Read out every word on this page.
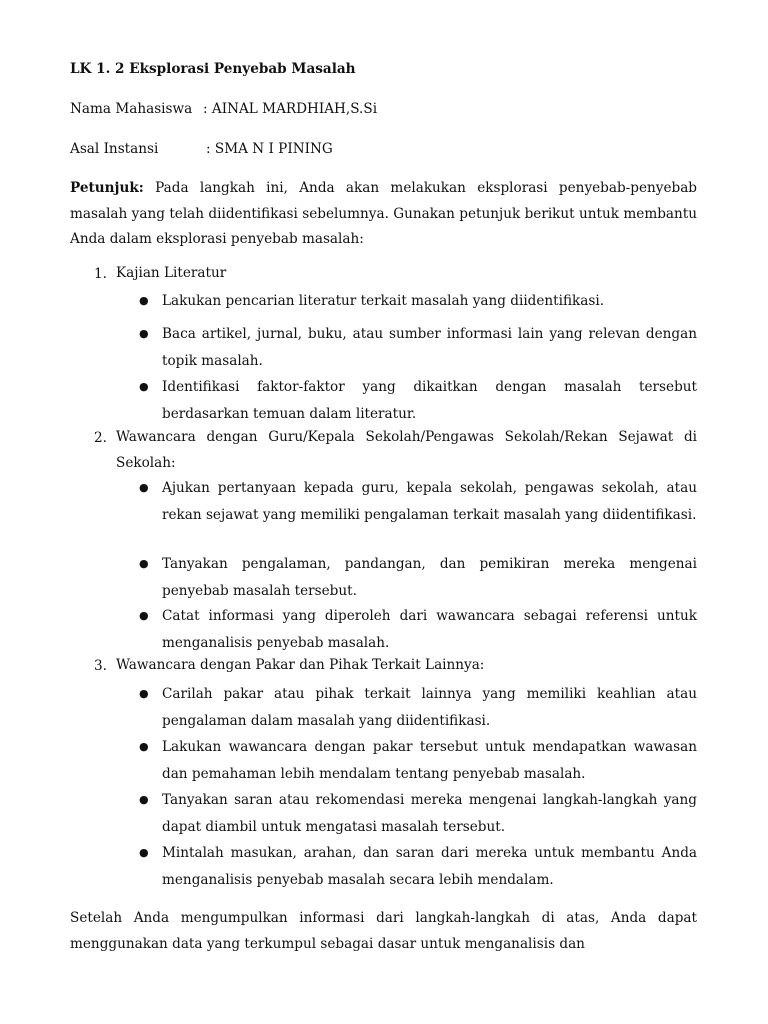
LK 1. 2 Eksplorasi Penyebab Masalah
Nama Mahasiswa : AINAL MARDHIAH,S.Si
Asal Instansi	: SMA N I PINING
Petunjuk: Pada langkah ini, Anda akan melakukan eksplorasi penyebab-penyebab masalah yang telah diidentifikasi sebelumnya. Gunakan petunjuk berikut untuk membantu Anda dalam eksplorasi penyebab masalah:
1. Kajian Literatur
● Lakukan pencarian literatur terkait masalah yang diidentifikasi.
● Baca artikel, jurnal, buku, atau sumber informasi lain yang relevan dengan topik masalah.
● Identifikasi faktor-faktor yang dikaitkan dengan masalah tersebut berdasarkan temuan dalam literatur.
2. Wawancara dengan Guru/Kepala Sekolah/Pengawas Sekolah/Rekan Sejawat di Sekolah:
● Ajukan pertanyaan kepada guru, kepala sekolah, pengawas sekolah, atau rekan sejawat yang memiliki pengalaman terkait masalah yang diidentifikasi.
● Tanyakan pengalaman, pandangan, dan pemikiran mereka mengenai penyebab masalah tersebut.
● Catat informasi yang diperoleh dari wawancara sebagai referensi untuk menganalisis penyebab masalah.
3. Wawancara dengan Pakar dan Pihak Terkait Lainnya:
● Carilah pakar atau pihak terkait lainnya yang memiliki keahlian atau pengalaman dalam masalah yang diidentifikasi.
● Lakukan wawancara dengan pakar tersebut untuk mendapatkan wawasan dan pemahaman lebih mendalam tentang penyebab masalah.
● Tanyakan saran atau rekomendasi mereka mengenai langkah-langkah yang dapat diambil untuk mengatasi masalah tersebut.
● Mintalah masukan, arahan, dan saran dari mereka untuk membantu Anda menganalisis penyebab masalah secara lebih mendalam.
Setelah Anda mengumpulkan informasi dari langkah-langkah di atas, Anda dapat menggunakan data yang terkumpul sebagai dasar untuk menganalisis dan
